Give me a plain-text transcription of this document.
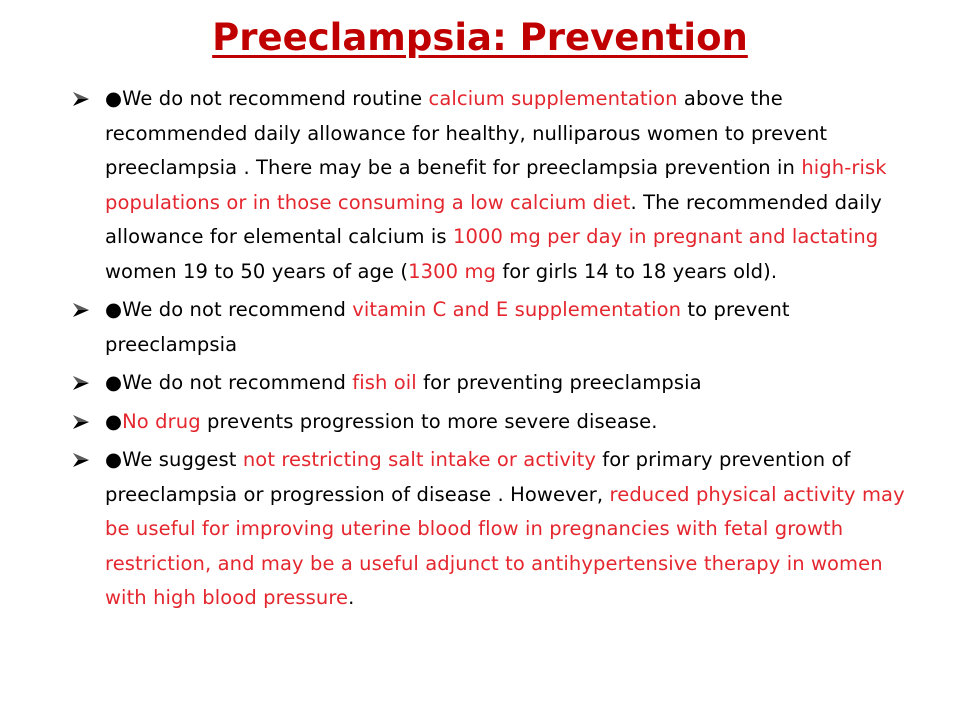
Preeclampsia: Prevention
●We do not recommend routine calcium supplementation above the recommended daily allowance for healthy, nulliparous women to prevent preeclampsia . There may be a benefit for preeclampsia prevention in high-risk populations or in those consuming a low calcium diet. The recommended daily allowance for elemental calcium is 1000 mg per day in pregnant and lactating women 19 to 50 years of age (1300 mg for girls 14 to 18 years old).
●We do not recommend vitamin C and E supplementation to prevent preeclampsia
●We do not recommend fish oil for preventing preeclampsia
●No drug prevents progression to more severe disease.
●We suggest not restricting salt intake or activity for primary prevention of preeclampsia or progression of disease . However, reduced physical activity may be useful for improving uterine blood flow in pregnancies with fetal growth restriction, and may be a useful adjunct to antihypertensive therapy in women with high blood pressure.
